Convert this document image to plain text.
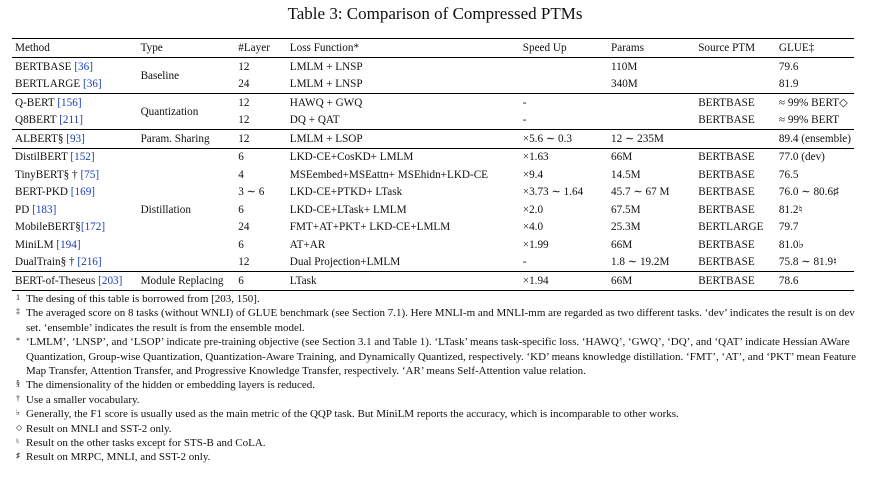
Table 3: Comparison of Compressed PTMs
Method	Type	#Layer	Loss Function*	Speed Up	Params	Source PTM	GLUE‡
BERTBASE [36]	Baseline	12	LMLM + LNSP		110M		79.6
BERTLARGE [36]		24	LMLM + LNSP		340M		81.9
Q-BERT [156]	Quantization	12	HAWQ + GWQ	-		BERTBASE	≈ 99% BERT◇
Q8BERT [211]		12	DQ + QAT	-		BERTBASE	≈ 99% BERT
ALBERT§ [93]	Param. Sharing	12	LMLM + LSOP	×5.6 ∼ 0.3	12 ∼ 235M		89.4 (ensemble)
DistilBERT [152]	Distillation	6	LKD-CE+CosKD+ LMLM	×1.63	66M	BERTBASE	77.0 (dev)
TinyBERT§ † [75]		4	MSEembed+MSEattn+ MSEhidn+LKD-CE	×9.4	14.5M	BERTBASE	76.5
BERT-PKD [169]		3 ∼ 6	LKD-CE+PTKD+ LTask	×3.73 ∼ 1.64	45.7 ∼ 67 M	BERTBASE	76.0 ∼ 80.6♯
PD [183]		6	LKD-CE+LTask+ LMLM	×2.0	67.5M	BERTBASE	81.2♮
MobileBERT§[172]		24	FMT+AT+PKT+ LKD-CE+LMLM	×4.0	25.3M	BERTLARGE	79.7
MiniLM [194]		6	AT+AR	×1.99	66M	BERTBASE	81.0♭
DualTrain§ † [216]		12	Dual Projection+LMLM	-	1.8 ∼ 19.2M	BERTBASE	75.8 ∼ 81.9♮
BERT-of-Theseus [203]	Module Replacing	6	LTask	×1.94	66M	BERTBASE	78.6
1 The desing of this table is borrowed from [203, 150].
‡ The averaged score on 8 tasks (without WNLI) of GLUE benchmark (see Section 7.1). Here MNLI-m and MNLI-mm are regarded as two different tasks. ‘dev’ indicates the result is on dev set. ‘ensemble’ indicates the result is from the ensemble model.
* ‘LMLM’, ‘LNSP’, and ‘LSOP’ indicate pre-training objective (see Section 3.1 and Table 1). ‘LTask’ means task-specific loss. ‘HAWQ’, ‘GWQ’, ‘DQ’, and ‘QAT’ indicate Hessian AWare Quantization, Group-wise Quantization, Quantization-Aware Training, and Dynamically Quantized, respectively. ‘KD’ means knowledge distillation. ‘FMT’, ‘AT’, and ‘PKT’ mean Feature Map Transfer, Attention Transfer, and Progressive Knowledge Transfer, respectively. ‘AR’ means Self-Attention value relation.
§ The dimensionality of the hidden or embedding layers is reduced.
† Use a smaller vocabulary.
♭ Generally, the F1 score is usually used as the main metric of the QQP task. But MiniLM reports the accuracy, which is incomparable to other works.
◇ Result on MNLI and SST-2 only.
♮ Result on the other tasks except for STS-B and CoLA.
♯ Result on MRPC, MNLI, and SST-2 only.
